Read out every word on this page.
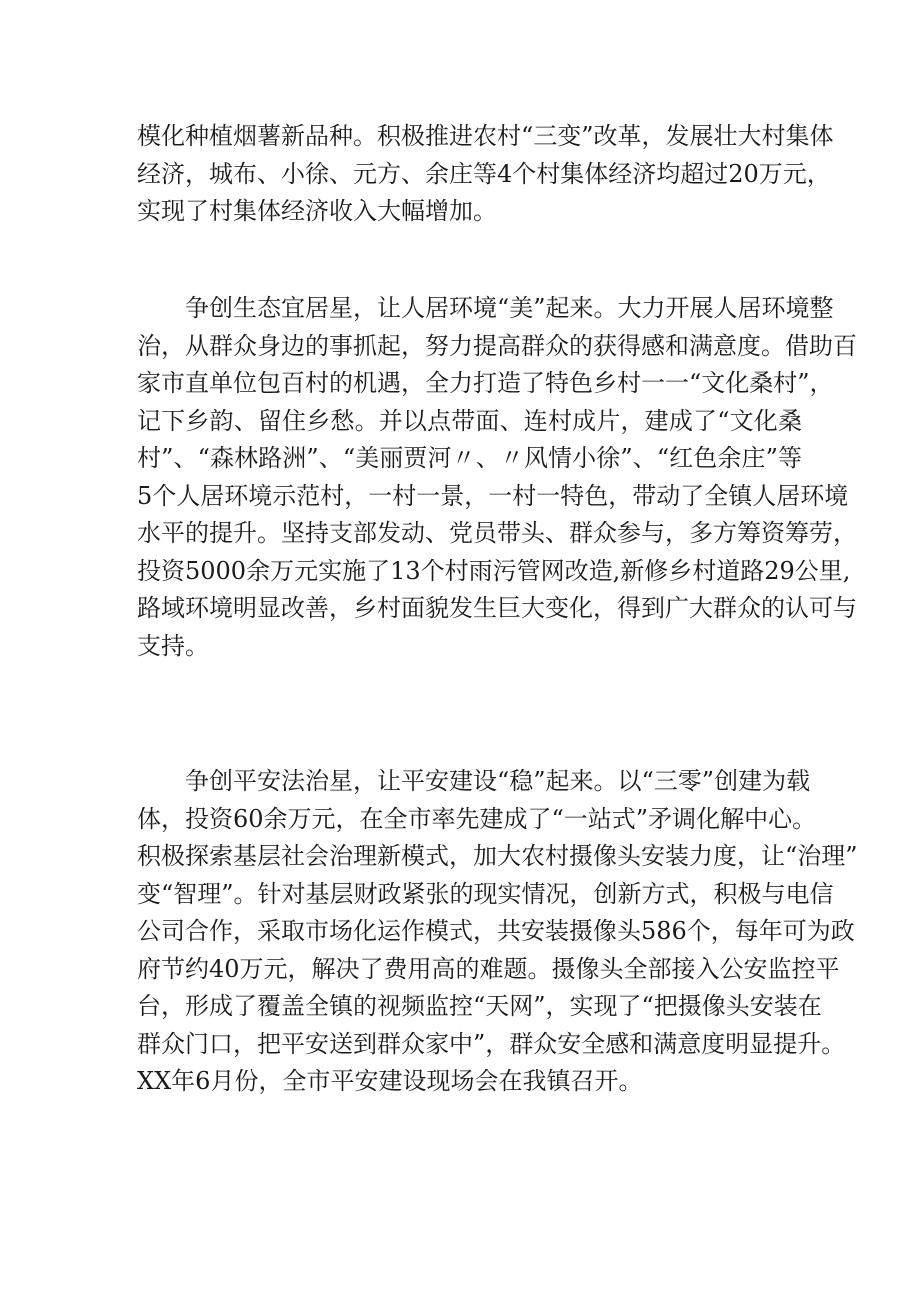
模化种植烟薯新品种。积极推进农村“三变”改革，发展壮大村集体
经济，城布、小徐、元方、余庄等4个村集体经济均超过20万元，
实现了村集体经济收入大幅增加。
争创生态宜居星，让人居环境“美”起来。大力开展人居环境整
治，从群众身边的事抓起，努力提高群众的获得感和满意度。借助百
家市直单位包百村的机遇，全力打造了特色乡村一一“文化桑村”，
记下乡韵、留住乡愁。并以点带面、连村成片，建成了“文化桑
村”、“森林路洲”、“美丽贾河〃、〃风情小徐”、“红色余庄”等
5个人居环境示范村，一村一景，一村一特色，带动了全镇人居环境
水平的提升。坚持支部发动、党员带头、群众参与，多方筹资筹劳，
投资5000余万元实施了13个村雨污管网改造,新修乡村道路29公里,
路域环境明显改善，乡村面貌发生巨大变化，得到广大群众的认可与
支持。
争创平安法治星，让平安建设“稳”起来。以“三零”创建为载
体，投资60余万元，在全市率先建成了“一站式”矛调化解中心。
积极探索基层社会治理新模式，加大农村摄像头安装力度，让“治理”
变“智理”。针对基层财政紧张的现实情况，创新方式，积极与电信
公司合作，采取市场化运作模式，共安装摄像头586个，每年可为政
府节约40万元，解决了费用高的难题。摄像头全部接入公安监控平
台，形成了覆盖全镇的视频监控“天网”，实现了“把摄像头安装在
群众门口，把平安送到群众家中”，群众安全感和满意度明显提升。
XX年6月份，全市平安建设现场会在我镇召开。
